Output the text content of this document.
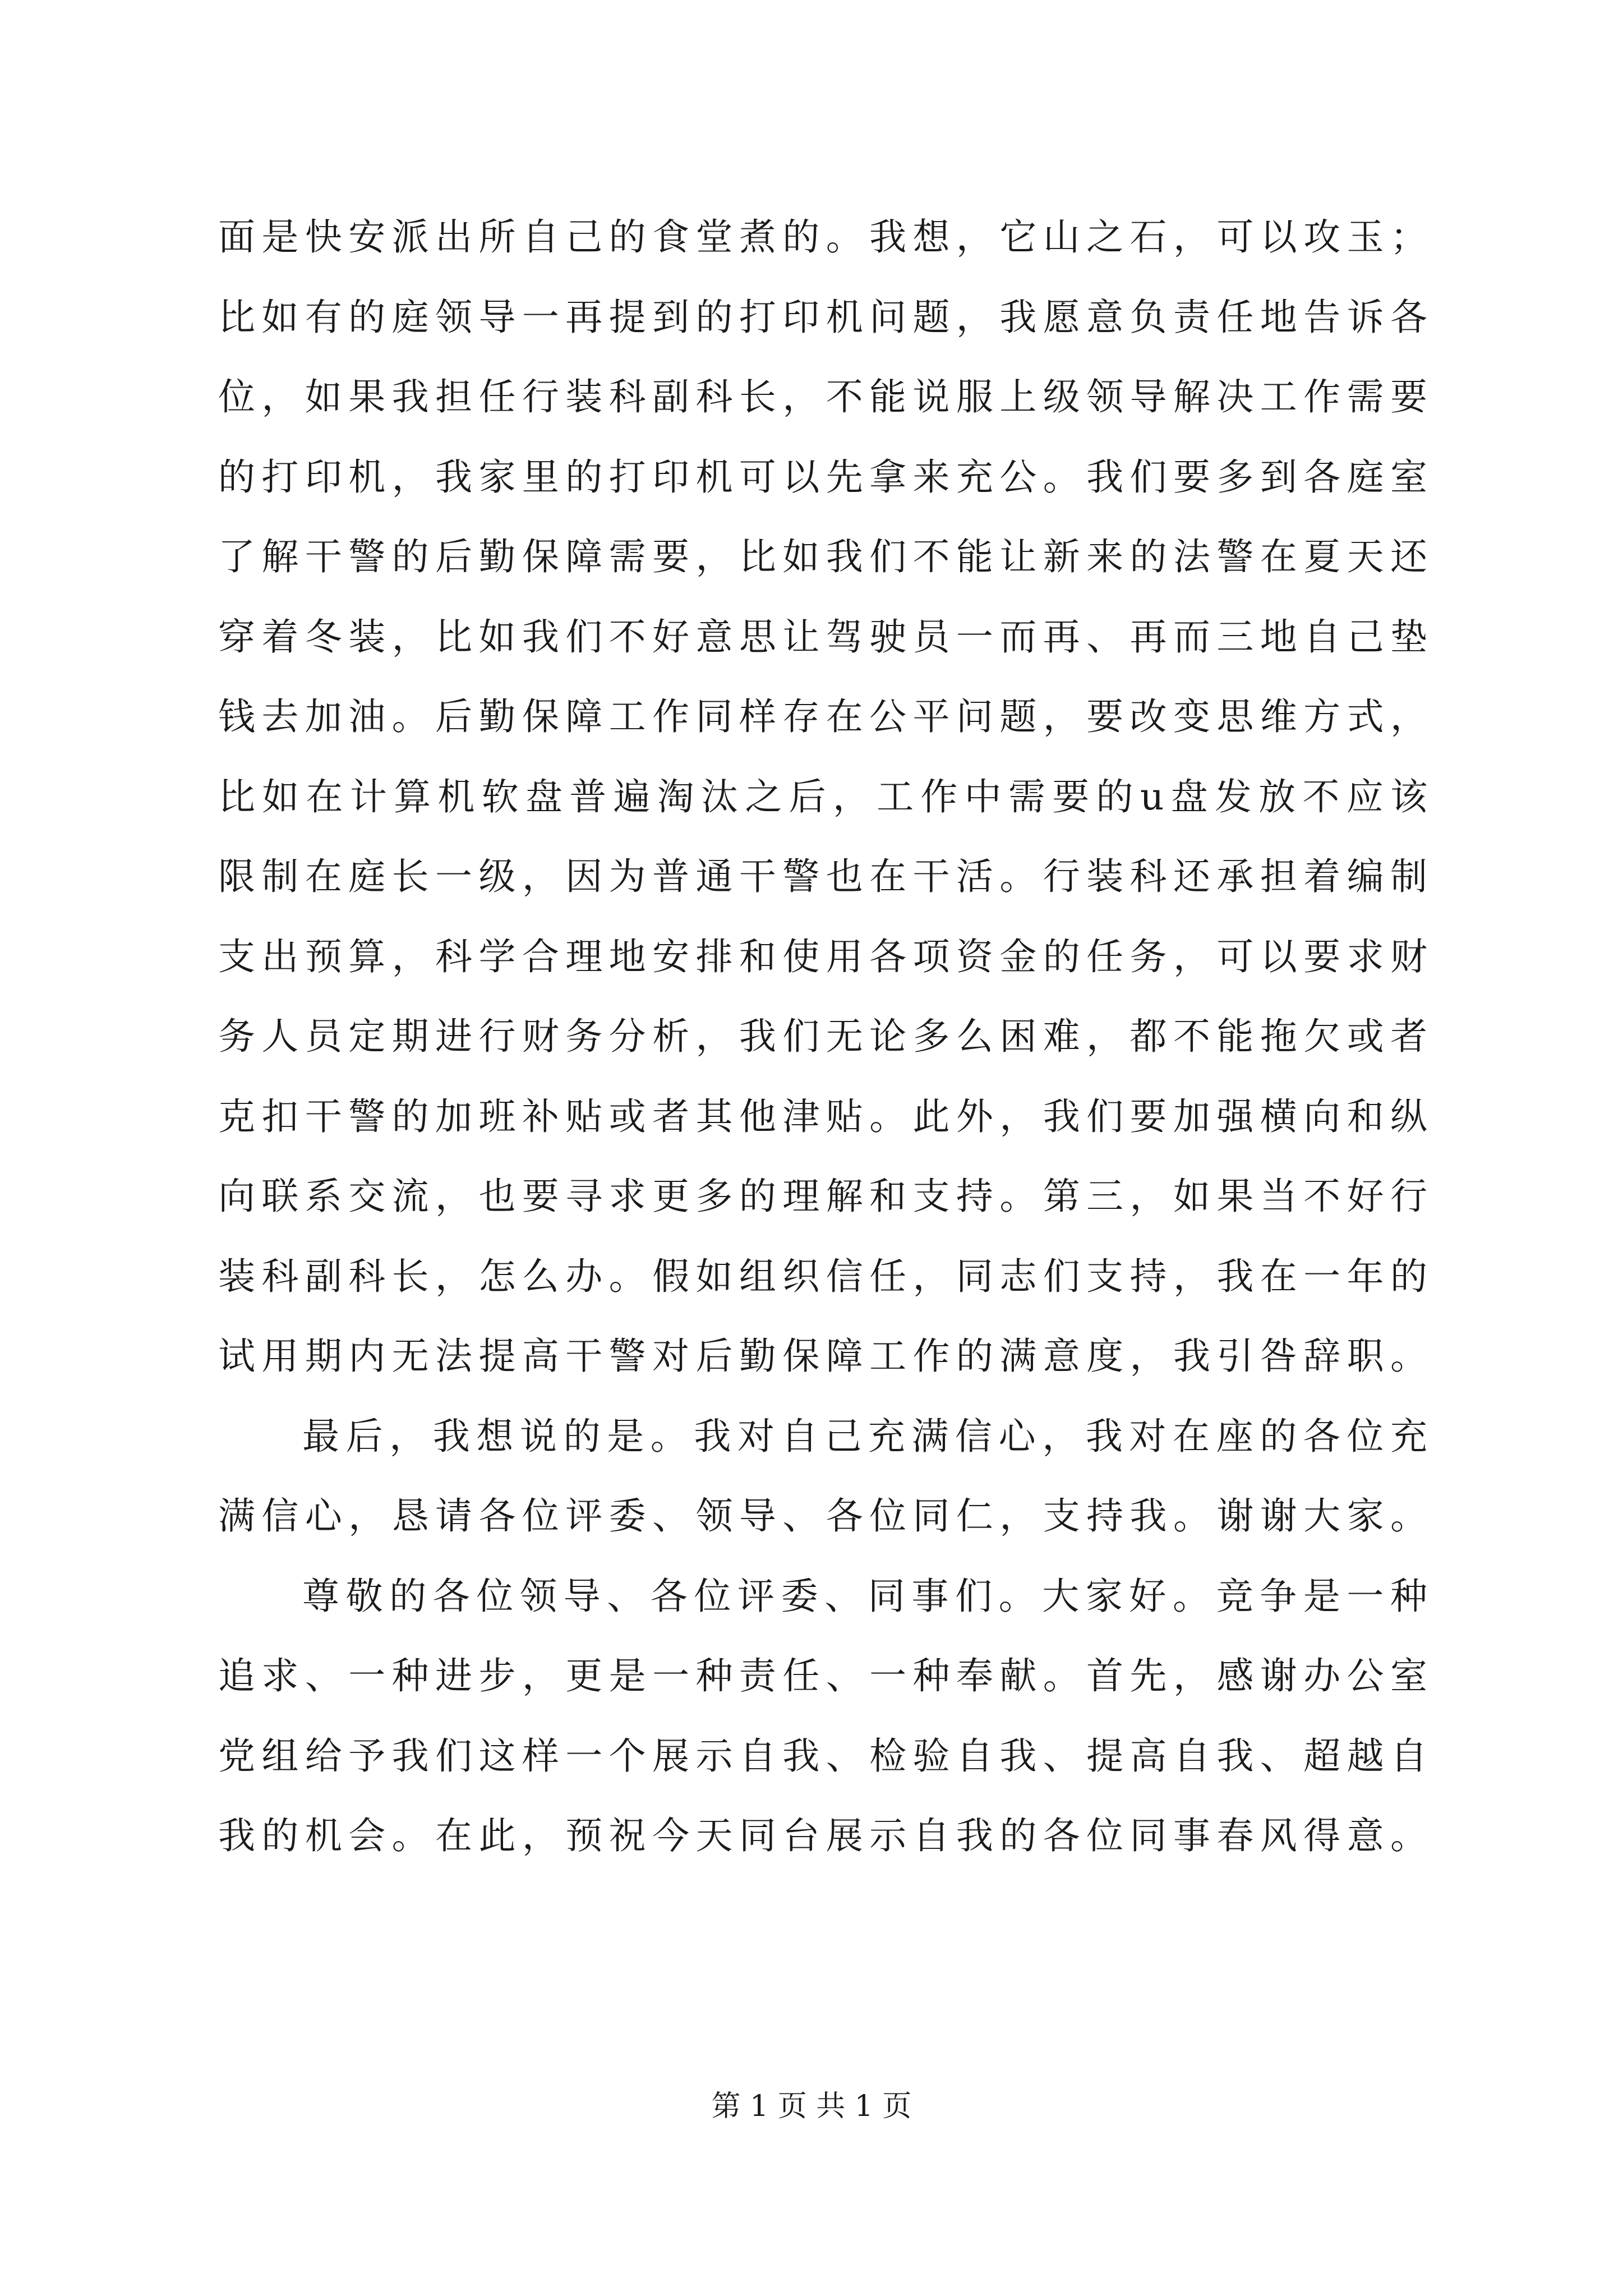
面是快安派出所自己的食堂煮的。我想，它山之石，可以攻玉；
比如有的庭领导一再提到的打印机问题，我愿意负责任地告诉各
位，如果我担任行装科副科长，不能说服上级领导解决工作需要
的打印机，我家里的打印机可以先拿来充公。我们要多到各庭室
了解干警的后勤保障需要，比如我们不能让新来的法警在夏天还
穿着冬装，比如我们不好意思让驾驶员一而再、再而三地自己垫
钱去加油。后勤保障工作同样存在公平问题，要改变思维方式，
比如在计算机软盘普遍淘汰之后，工作中需要的u盘发放不应该
限制在庭长一级，因为普通干警也在干活。行装科还承担着编制
支出预算，科学合理地安排和使用各项资金的任务，可以要求财
务人员定期进行财务分析，我们无论多么困难，都不能拖欠或者
克扣干警的加班补贴或者其他津贴。此外，我们要加强横向和纵
向联系交流，也要寻求更多的理解和支持。第三，如果当不好行
装科副科长，怎么办。假如组织信任，同志们支持，我在一年的
试用期内无法提高干警对后勤保障工作的满意度，我引咎辞职。
最后，我想说的是。我对自己充满信心，我对在座的各位充
满信心，恳请各位评委、领导、各位同仁，支持我。谢谢大家。
尊敬的各位领导、各位评委、同事们。大家好。竞争是一种
追求、一种进步，更是一种责任、一种奉献。首先，感谢办公室
党组给予我们这样一个展示自我、检验自我、提高自我、超越自
我的机会。在此，预祝今天同台展示自我的各位同事春风得意。
第 1 页 共 1 页
